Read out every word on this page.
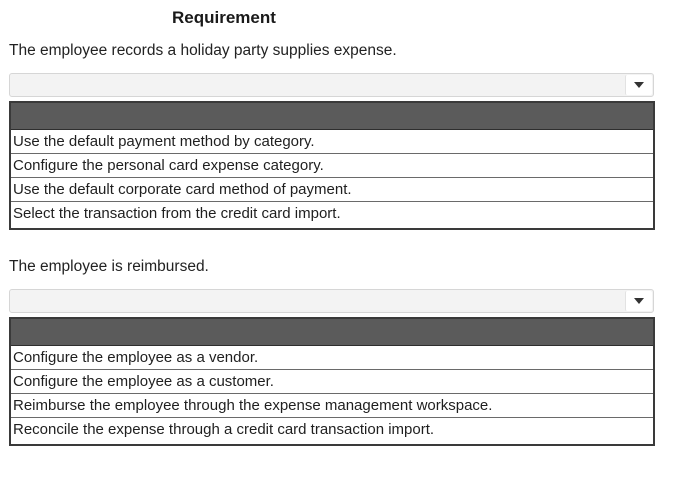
Requirement
The employee records a holiday party supplies expense.
Use the default payment method by category.
Configure the personal card expense category.
Use the default corporate card method of payment.
Select the transaction from the credit card import.
The employee is reimbursed.
Configure the employee as a vendor.
Configure the employee as a customer.
Reimburse the employee through the expense management workspace.
Reconcile the expense through a credit card transaction import.
